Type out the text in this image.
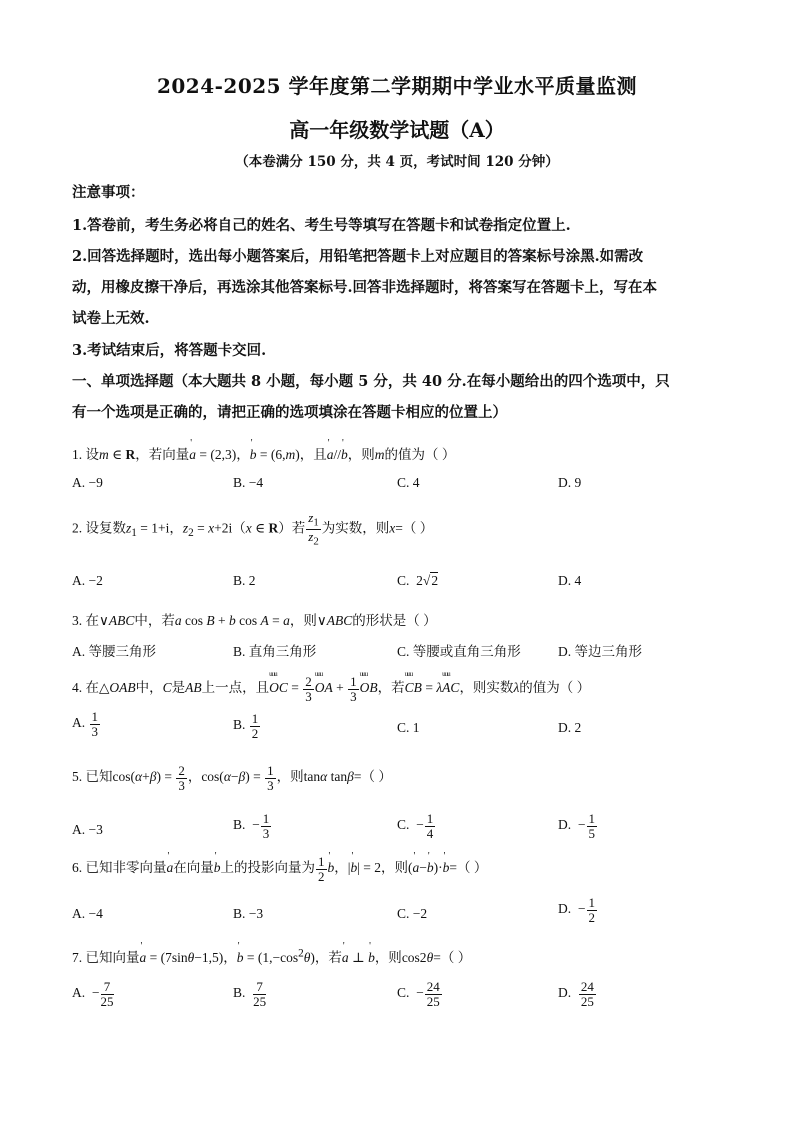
2024-2025 学年度第二学期期中学业水平质量监测
高一年级数学试题（A）
（本卷满分 150 分，共 4 页，考试时间 120 分钟）
注意事项：
1.答卷前，考生务必将自己的姓名、考生号等填写在答题卡和试卷指定位置上.
2.回答选择题时，选出每小题答案后，用铅笔把答题卡上对应题目的答案标号涂黑.如需改
动，用橡皮擦干净后，再选涂其他答案标号.回答非选择题时，将答案写在答题卡上，写在本
试卷上无效.
3.考试结束后，将答题卡交回.
一、单项选择题（本大题共 8 小题，每小题 5 分，共 40 分.在每小题给出的四个选项中，只
有一个选项是正确的，请把正确的选项填涂在答题卡相应的位置上）
1. 设m ∈ R，若向量' a = (2,3)，' b = (6,m)，且' a//' b，则m的值为（ ）
A. −9	B. −4	C. 4	D. 9
2. 设复数$z_1 = 1+i$，$z_2 = x+2i(x$ ∈ R）若 $\frac{z_1}{z_2}$ 为实数，则x=（ ）
A. −2	B. 2	C.  2√2	D. 4
3. 在∨ABC中，若a cos B + b cos A = a，则∨ABC的形状是（ ）
A. 等腰三角形	B. 直角三角形	C. 等腰或直角三角形	D. 等边三角形
4. 在△OAB中，C是AB上一点，且uuu OC = $\frac{2}{3}$ uuu OA + $\frac{1}{3}$ uuu OB，若uuu CB = λuuu AC，则实数λ的值为（ ）
A. $\frac{1}{3}$	B. $\frac{1}{2}$	C. 1	D. 2
5. 已知$\cos(\alpha+\beta) = \frac{2}{3}$ ，$\cos(\alpha-\beta) = \frac{1}{3}$ ，则tanα tanβ=（ ）
A. −3	B.  − $\frac{1}{3}$	C.  − $\frac{1}{4}$	D.  − $\frac{1}{5}$
6. 已知非零向量' a在向量' b上的投影向量为 $\frac{1}{2}$ ' b，|' b| = 2，则(' a−' b)·' b=（ ）
A. −4	B. −3	C. −2	D.  − $\frac{1}{2}$
7. 已知向量' a = (7sinθ−1,5)，' $b = (1,-\cos^2\theta)$，若' a ⊥ ' b，则cos2θ=（ ）
A.  − $\frac{7}{25}$	B. $\frac{7}{25}$	C.  − $\frac{24}{25}$	D. $\frac{24}{25}$
